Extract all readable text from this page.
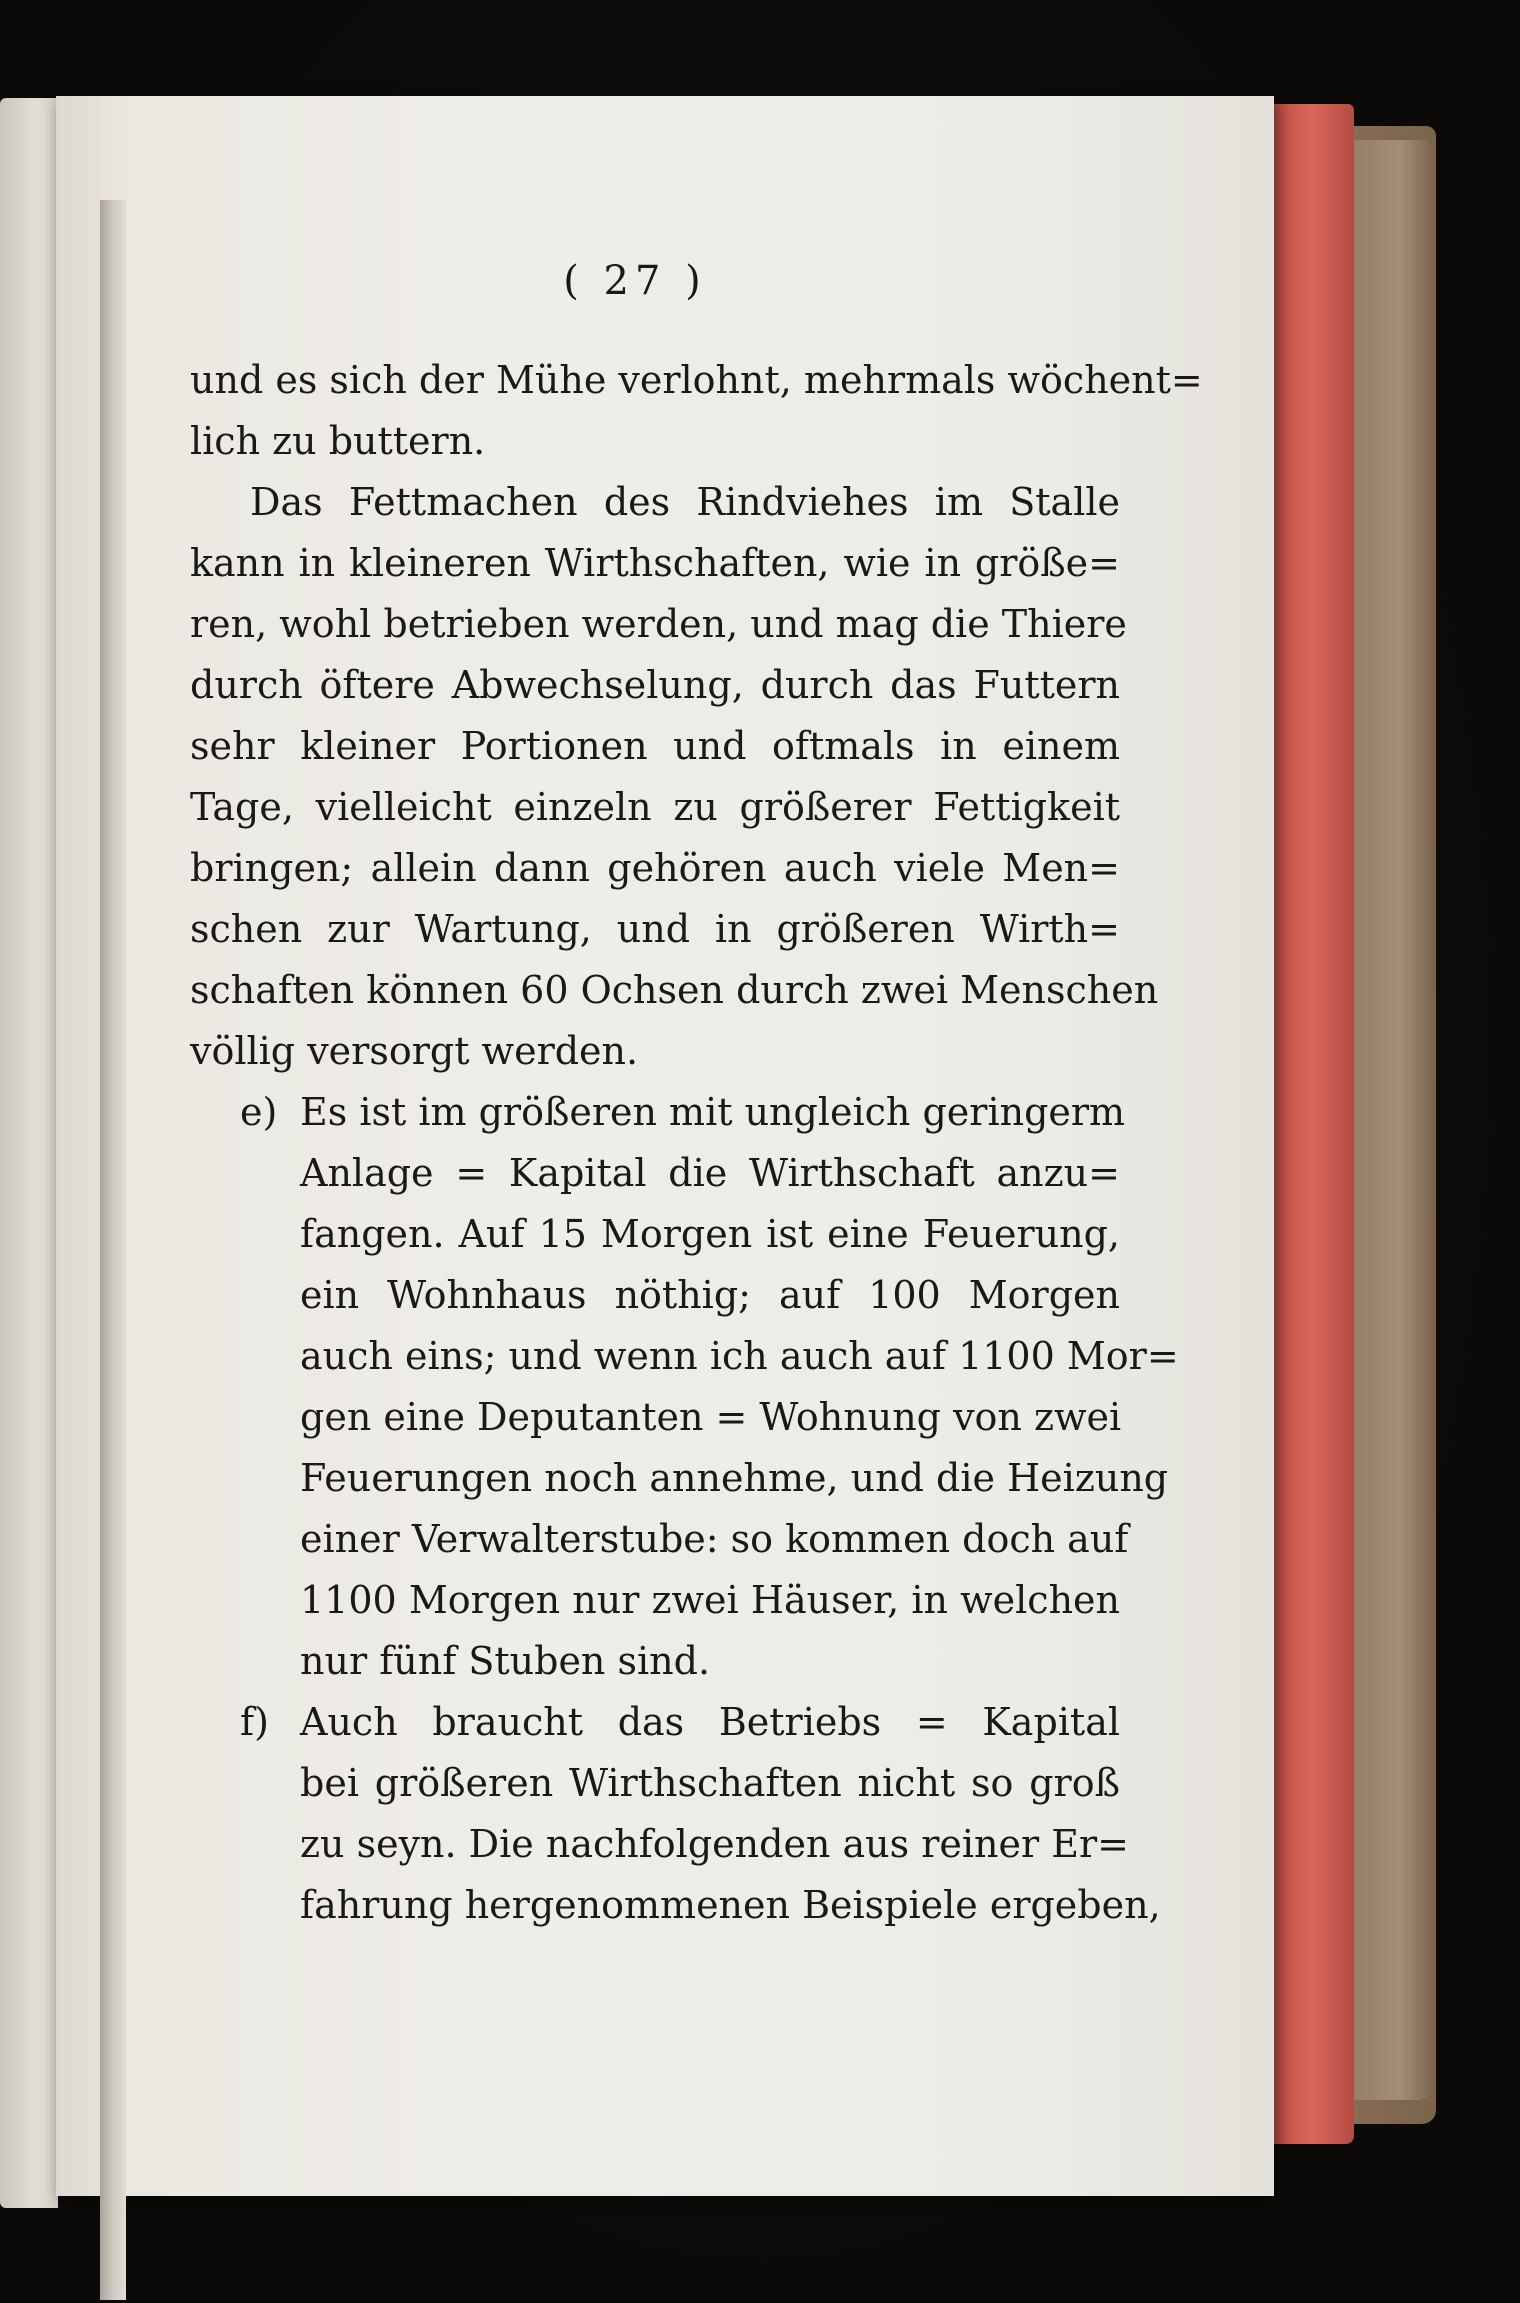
( 27 )
und es sich der Mühe verlohnt, mehrmals wöchent=
lich zu buttern.
Das Fettmachen des Rindviehes im Stalle
kann in kleineren Wirthschaften, wie in größe=
ren, wohl betrieben werden, und mag die Thiere
durch öftere Abwechselung, durch das Futtern
sehr kleiner Portionen und oftmals in einem
Tage, vielleicht einzeln zu größerer Fettigkeit
bringen; allein dann gehören auch viele Men=
schen zur Wartung, und in größeren Wirth=
schaften können 60 Ochsen durch zwei Menschen
völlig versorgt werden.
e) Es ist im größeren mit ungleich geringerm
Anlage = Kapital die Wirthschaft anzu=
fangen. Auf 15 Morgen ist eine Feuerung,
ein Wohnhaus nöthig; auf 100 Morgen
auch eins; und wenn ich auch auf 1100 Mor=
gen eine Deputanten = Wohnung von zwei
Feuerungen noch annehme, und die Heizung
einer Verwalterstube: so kommen doch auf
1100 Morgen nur zwei Häuser, in welchen
nur fünf Stuben sind.
f) Auch braucht das Betriebs = Kapital
bei größeren Wirthschaften nicht so groß
zu seyn. Die nachfolgenden aus reiner Er=
fahrung hergenommenen Beispiele ergeben,
